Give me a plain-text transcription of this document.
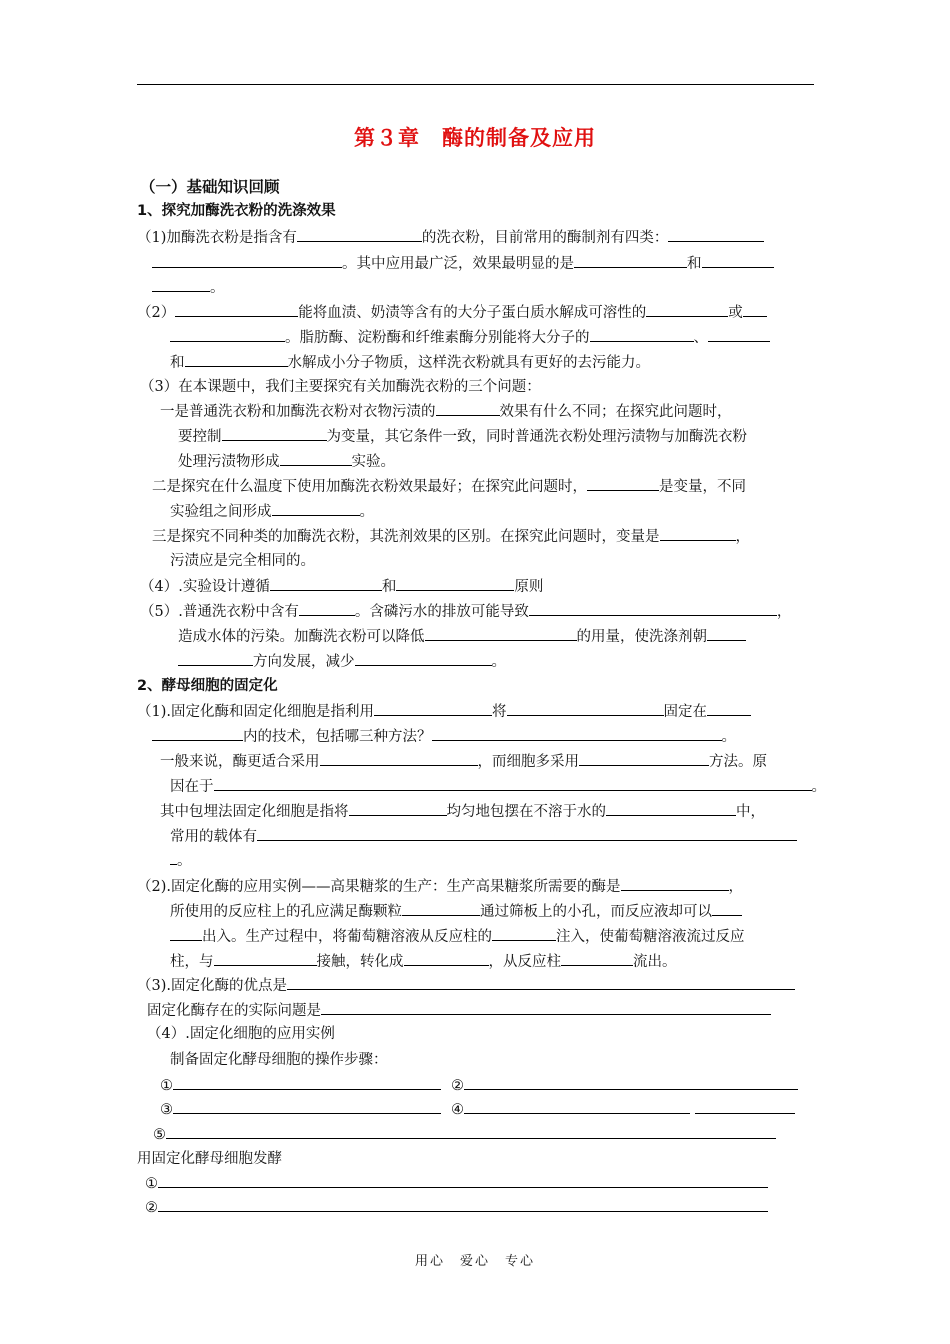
第３章　酶的制备及应用
（一）基础知识回顾
1、探究加酶洗衣粉的洗涤效果
（1)加酶洗衣粉是指含有	的洗衣粉，目前常用的酶制剂有四类：
。其中应用最广泛，效果最明显的是	和
。
（2）	能将血渍、奶渍等含有的大分子蛋白质水解成可溶性的	或
。脂肪酶、淀粉酶和纤维素酶分别能将大分子的	、
和	水解成小分子物质，这样洗衣粉就具有更好的去污能力。
（3）在本课题中，我们主要探究有关加酶洗衣粉的三个问题：
一是普通洗衣粉和加酶洗衣粉对衣物污渍的	效果有什么不同；在探究此问题时，
要控制	为变量，其它条件一致，同时普通洗衣粉处理污渍物与加酶洗衣粉
处理污渍物形成	实验。
二是探究在什么温度下使用加酶洗衣粉效果最好；在探究此问题时，	是变量，不同
实验组之间形成	。
三是探究不同种类的加酶洗衣粉，其洗剂效果的区别。在探究此问题时，变量是	，
污渍应是完全相同的。
（4）.实验设计遵循	和	原则
（5）.普通洗衣粉中含有	。含磷污水的排放可能导致	，
造成水体的污染。加酶洗衣粉可以降低	的用量，使洗涤剂朝
方向发展，减少	。
2、酵母细胞的固定化
（1).固定化酶和固定化细胞是指利用	将	固定在
内的技术，包括哪三种方法？	。
一般来说，酶更适合采用	，而细胞多采用	方法。原
因在于	。
其中包埋法固定化细胞是指将	均匀地包摆在不溶于水的	中，
常用的载体有
。
（2).固定化酶的应用实例——高果糖浆的生产：生产高果糖浆所需要的酶是	，
所使用的反应柱上的孔应满足酶颗粒	通过筛板上的小孔，而反应液却可以
出入。生产过程中，将葡萄糖溶液从反应柱的	注入，使葡萄糖溶液流过反应
柱，与	接触，转化成	，从反应柱	流出。
（3).固定化酶的优点是
固定化酶存在的实际问题是
（4）.固定化细胞的应用实例
制备固定化酵母细胞的操作步骤：
①	②
③	④
⑤
用固定化酵母细胞发酵
①
②
用心　爱心　专心
